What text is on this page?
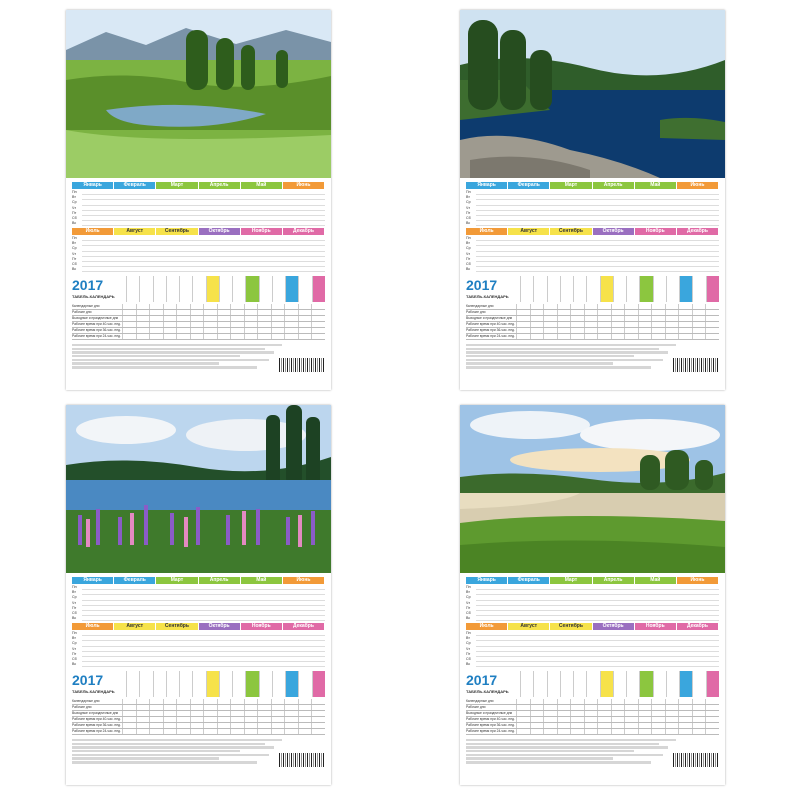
Январь	Февраль	Март	Апрель	Май	Июнь
Пн
Вт
Ср
Чт
Пт
Сб
Вс
Июль	Август	Сентябрь	Октябрь	Ноябрь	Декабрь
Пн
Вт
Ср
Чт
Пт
Сб
Вс
2017
ТАБЕЛЬ-КАЛЕНДАРЬ
Календарные дни
Рабочие дни
Выходные и праздничные дни
Рабочее время при 40-час. нед.
Рабочее время при 36-час. нед.
Рабочее время при 24-час. нед.
Январь	Февраль	Март	Апрель	Май	Июнь
Пн
Вт
Ср
Чт
Пт
Сб
Вс
Июль	Август	Сентябрь	Октябрь	Ноябрь	Декабрь
Пн
Вт
Ср
Чт
Пт
Сб
Вс
2017
ТАБЕЛЬ-КАЛЕНДАРЬ
Календарные дни
Рабочие дни
Выходные и праздничные дни
Рабочее время при 40-час. нед.
Рабочее время при 36-час. нед.
Рабочее время при 24-час. нед.
Январь	Февраль	Март	Апрель	Май	Июнь
Пн
Вт
Ср
Чт
Пт
Сб
Вс
Июль	Август	Сентябрь	Октябрь	Ноябрь	Декабрь
Пн
Вт
Ср
Чт
Пт
Сб
Вс
2017
ТАБЕЛЬ-КАЛЕНДАРЬ
Календарные дни
Рабочие дни
Выходные и праздничные дни
Рабочее время при 40-час. нед.
Рабочее время при 36-час. нед.
Рабочее время при 24-час. нед.
Январь	Февраль	Март	Апрель	Май	Июнь
Пн
Вт
Ср
Чт
Пт
Сб
Вс
Июль	Август	Сентябрь	Октябрь	Ноябрь	Декабрь
Пн
Вт
Ср
Чт
Пт
Сб
Вс
2017
ТАБЕЛЬ-КАЛЕНДАРЬ
Календарные дни
Рабочие дни
Выходные и праздничные дни
Рабочее время при 40-час. нед.
Рабочее время при 36-час. нед.
Рабочее время при 24-час. нед.
